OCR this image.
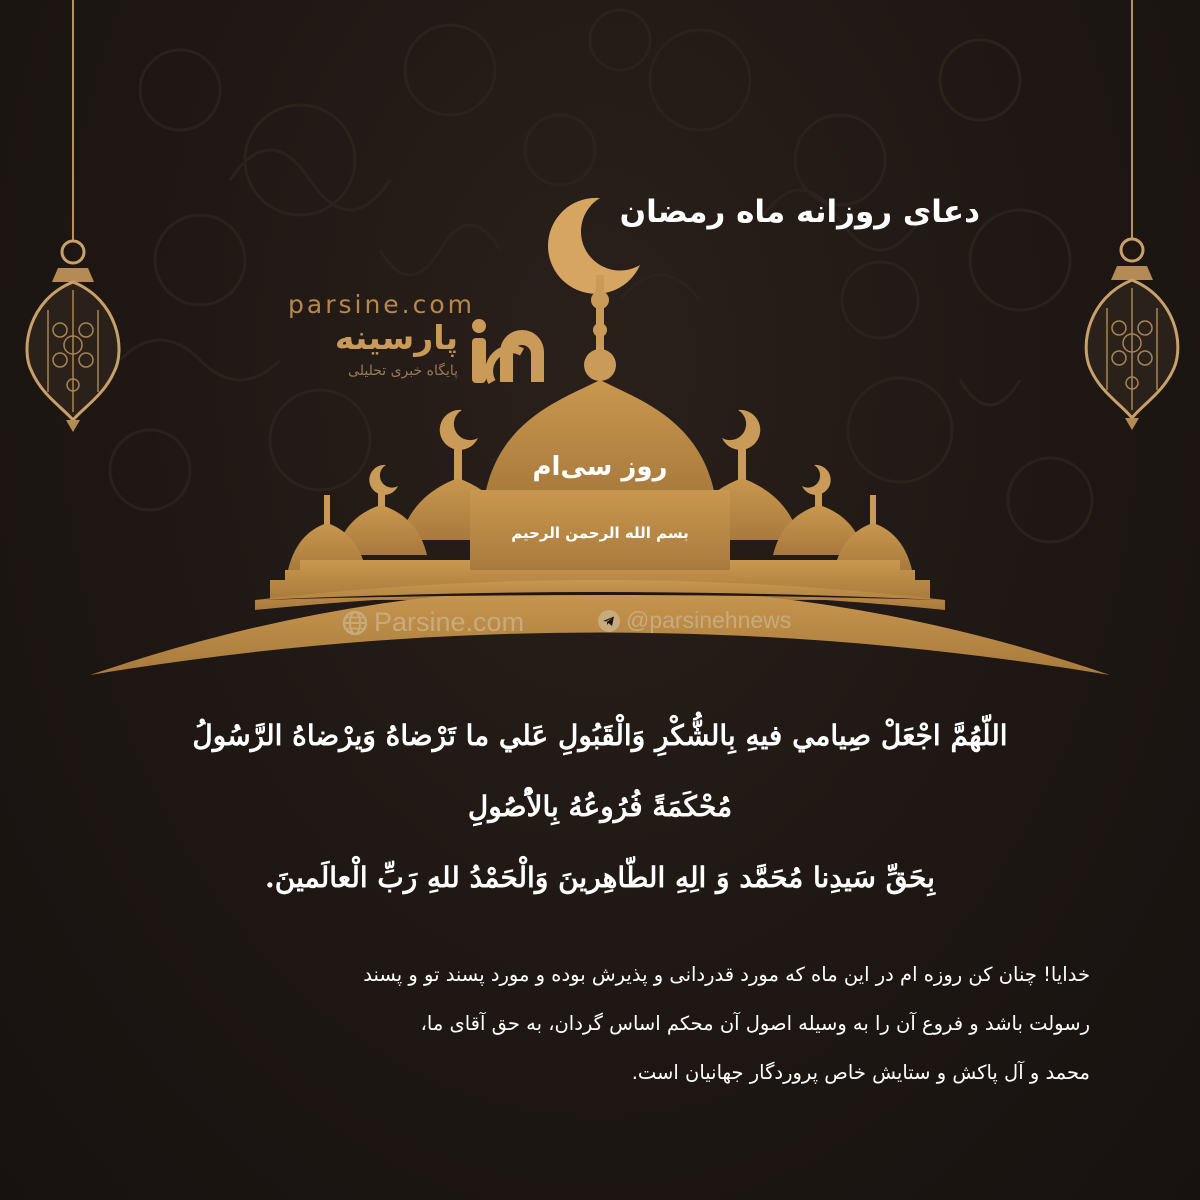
دعای روزانه ماه رمضان
parsine.com
پارسینه
پایگاه خبری تحلیلی
روز سی‌ام
بسم الله الرحمن الرحیم
Parsine.com	@parsinehnews
اللّهُمَّ اجْعَلْ صِيامي فيهِ بِالشُّكْرِ وَالْقَبُولِ عَلي ما تَرْضاهُ وَيرْضاهُ الرَّسُولُ
مُحْكَمَةً فُرُوعُهُ بِالاُْصُولِ
بِحَقِّ سَيدِنا مُحَمَّد وَ الِهِ الطّاهِرينَ وَالْحَمْدُ للهِ رَبِّ الْعالَمينَ.
خدایا! چنان کن روزه ام در این ماه که مورد قدردانی و پذیرش بوده و مورد پسند تو و پسند
رسولت باشد و فروع آن را به وسیله اصول آن محکم اساس گردان، به حق آقای ما،
محمد و آل پاکش و ستایش خاص پروردگار جهانیان است.
